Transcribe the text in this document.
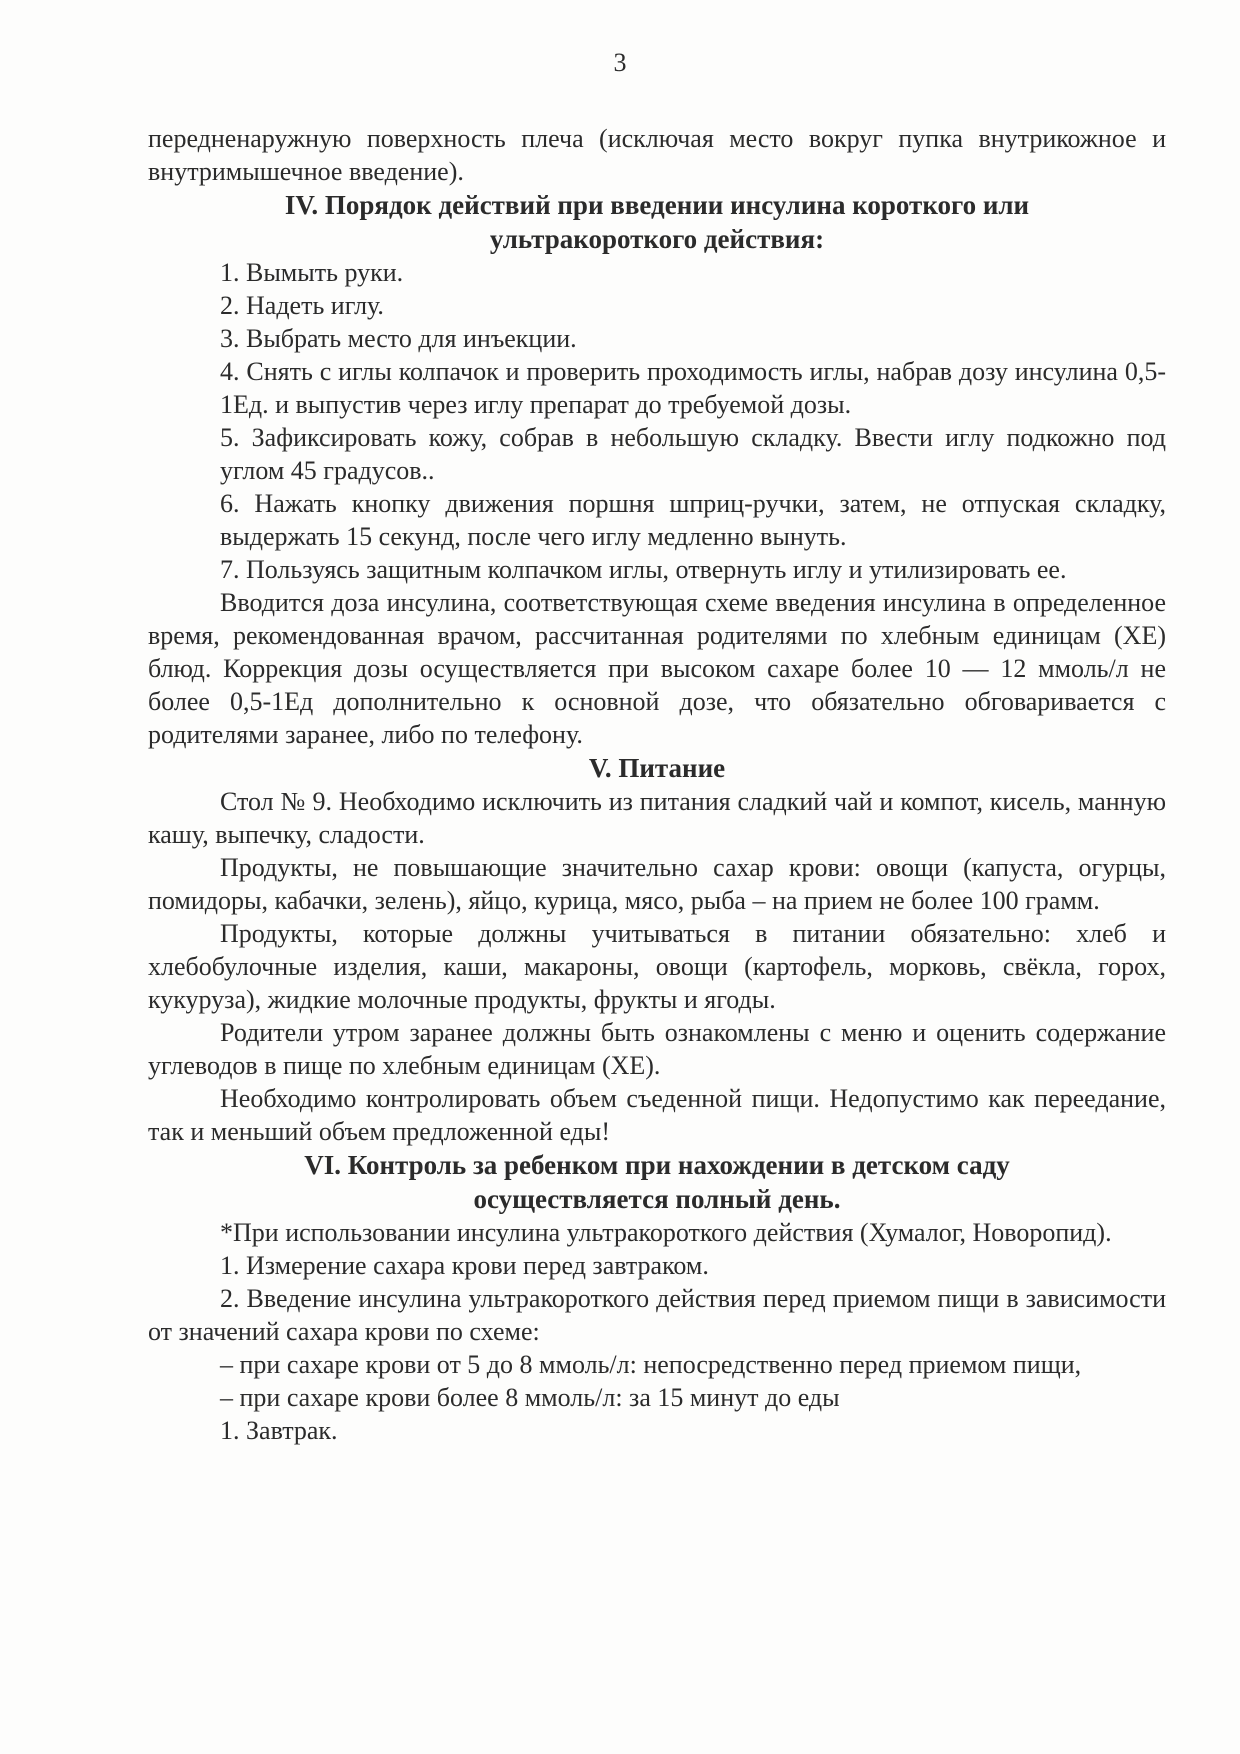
3

передненаружную поверхность плеча (исключая место вокруг пупка внутрикожное и внутримышечное введение).

IV. Порядок действий при введении инсулина короткого или
ультракороткого действия:

1. Вымыть руки.

2. Надеть иглу.

3. Выбрать место для инъекции.

4. Снять с иглы колпачок и проверить проходимость иглы, набрав дозу инсулина 0,5-1Ед. и выпустив через иглу препарат до требуемой дозы.

5. Зафиксировать кожу, собрав в небольшую складку. Ввести иглу подкожно под углом 45 градусов..

6. Нажать кнопку движения поршня шприц-ручки, затем, не отпуская складку, выдержать 15 секунд, после чего иглу медленно вынуть.

7. Пользуясь защитным колпачком иглы, отвернуть иглу и утилизировать ее.

Вводится доза инсулина, соответствующая схеме введения инсулина в определенное время, рекомендованная врачом, рассчитанная родителями по хлебным единицам (ХЕ) блюд. Коррекция дозы осуществляется при высоком сахаре более 10 — 12 ммоль/л не более 0,5-1Ед дополнительно к основной дозе, что обязательно обговаривается с родителями заранее, либо по телефону.

V. Питание

Стол № 9. Необходимо исключить из питания сладкий чай и компот, кисель, манную кашу, выпечку, сладости.

Продукты, не повышающие значительно сахар крови: овощи (капуста, огурцы, помидоры, кабачки, зелень), яйцо, курица, мясо, рыба – на прием не более 100 грамм.

Продукты, которые должны учитываться в питании обязательно: хлеб и хлебобулочные изделия, каши, макароны, овощи (картофель, морковь, свёкла, горох, кукуруза), жидкие молочные продукты, фрукты и ягоды.

Родители утром заранее должны быть ознакомлены с меню и оценить содержание углеводов в пище по хлебным единицам (ХЕ).

Необходимо контролировать объем съеденной пищи. Недопустимо как переедание, так и меньший объем предложенной еды!

VI. Контроль за ребенком при нахождении в детском саду
осуществляется полный день.

*При использовании инсулина ультракороткого действия (Хумалог, Новоропид).

1. Измерение сахара крови перед завтраком.

2. Введение инсулина ультракороткого действия перед приемом пищи в зависимости от значений сахара крови по схеме:

– при сахаре крови от 5 до 8 ммоль/л: непосредственно перед приемом пищи,

– при сахаре крови более 8 ммоль/л: за 15 минут до еды

1. Завтрак.
